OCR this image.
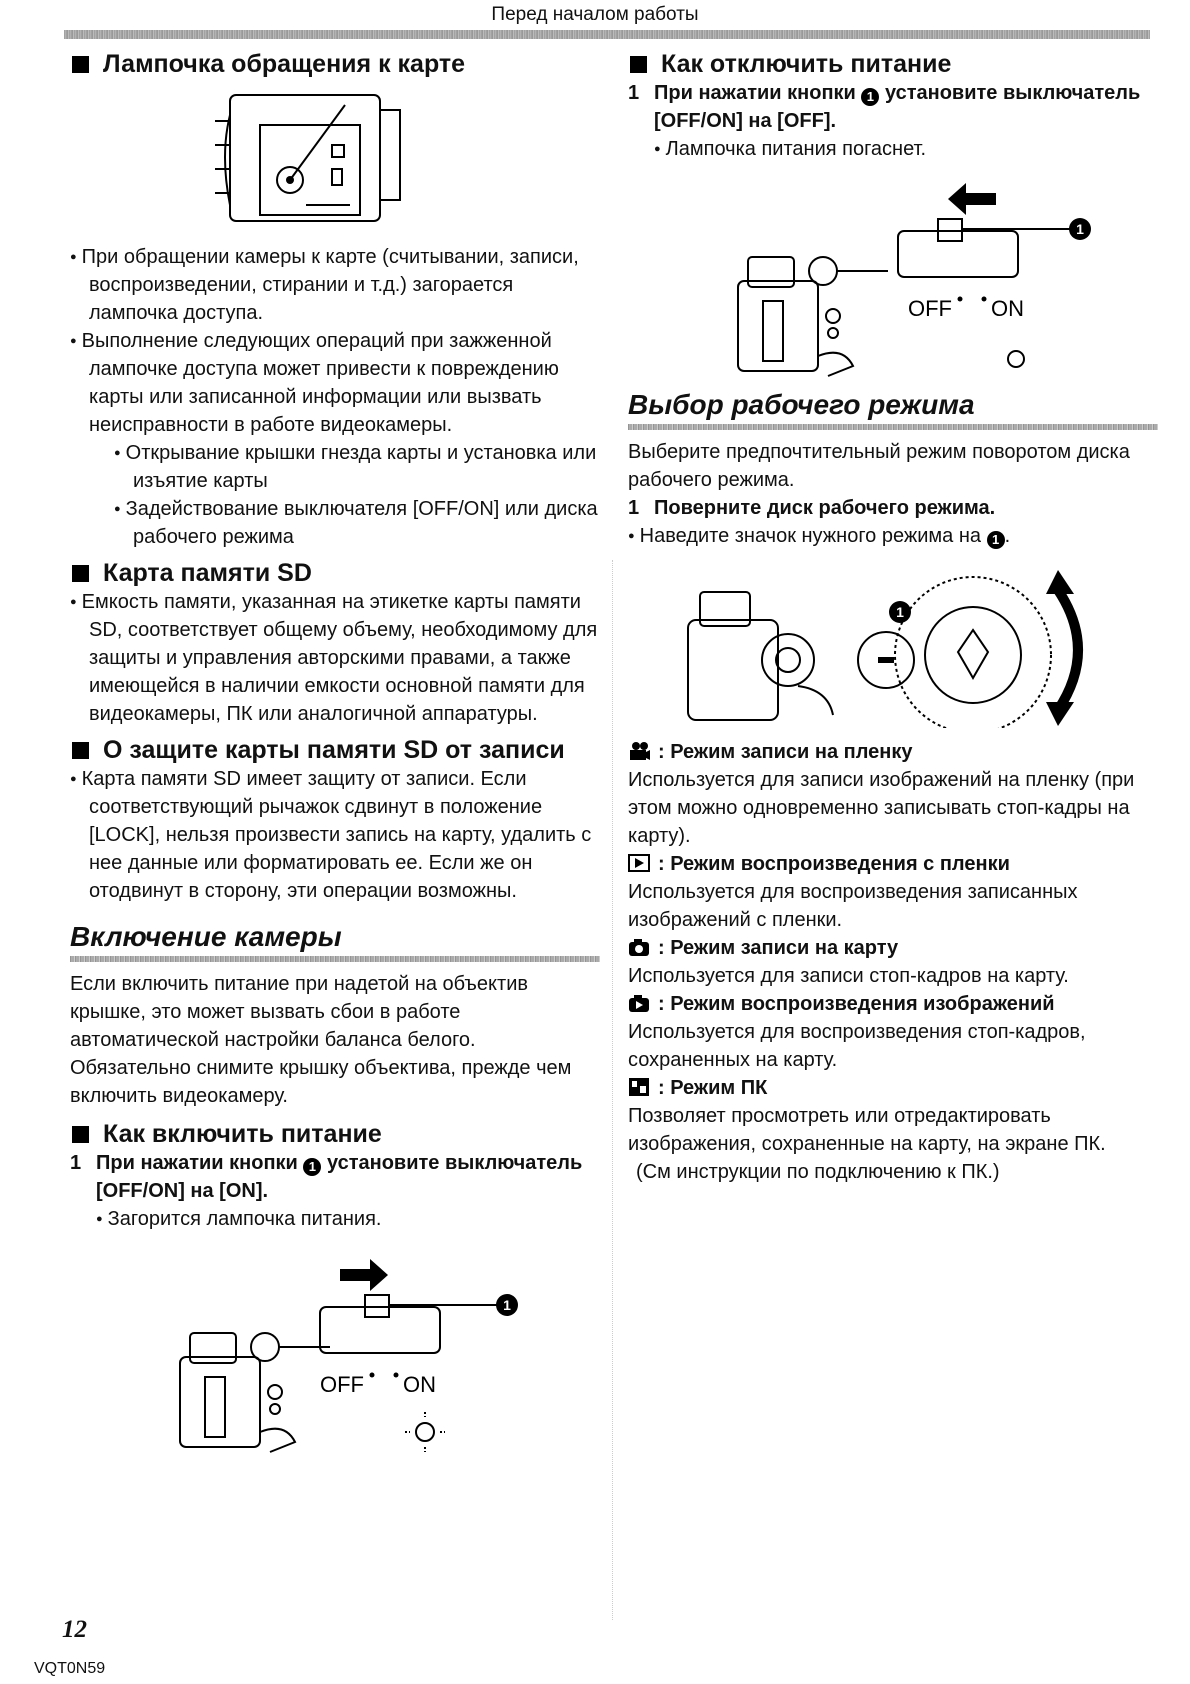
Перед началом работы
Лампочка обращения к карте

● При обращении камеры к карте (считывании, записи, воспроизведении, стирании и т.д.) загорается лампочка доступа.

● Выполнение следующих операций при зажженной лампочке доступа может привести к повреждению карты или записанной информации или вызвать неисправности в работе видеокамеры.

● Открывание крышки гнезда карты и установка или изъятие карты

● Задействование выключателя [OFF/ON] или диска рабочего режима

Карта памяти SD

● Емкость памяти, указанная на этикетке карты памяти SD, соответствует общему объему, необходимому для защиты и управления авторскими правами, а также имеющейся в наличии емкости основной памяти для видеокамеры, ПК или аналогичной аппаратуры.

О защите карты памяти SD от записи

● Карта памяти SD имеет защиту от записи. Если соответствующий рычажок сдвинут в положение [LOCK], нельзя произвести запись на карту, удалить с нее данные или форматировать ее. Если же он отодвинут в сторону, эти операции возможны.

Включение камеры

Если включить питание при надетой на объектив крышке, это может вызвать сбои в работе автоматической настройки баланса белого. Обязательно снимите крышку объектива, прежде чем включить видеокамеру.

Как включить питание

1 При нажатии кнопки 1 установите выключатель [OFF/ON] на [ON].

● Загорится лампочка питания.

1
OFF ON
Как отключить питание

1 При нажатии кнопки 1 установите выключатель [OFF/ON] на [OFF].

● Лампочка питания погаснет.

1
OFF ON
Выбор рабочего режима

Выберите предпочтительный режим поворотом диска рабочего режима.

1 Поверните диск рабочего режима.

● Наведите значок нужного режима на 1 .

1
: Режим записи на пленку

Используется для записи изображений на пленку (при этом можно одновременно записывать стоп-кадры на карту).

: Режим воспроизведения с пленки

Используется для воспроизведения записанных изображений с пленки.

: Режим записи на карту

Используется для записи стоп-кадров на карту.

: Режим воспроизведения изображений

Используется для воспроизведения стоп-кадров, сохраненных на карту.

: Режим ПК

Позволяет просмотреть или отредактировать изображения, сохраненные на карту, на экране ПК.

(См инструкции по подключению к ПК.)

12
VQT0N59
